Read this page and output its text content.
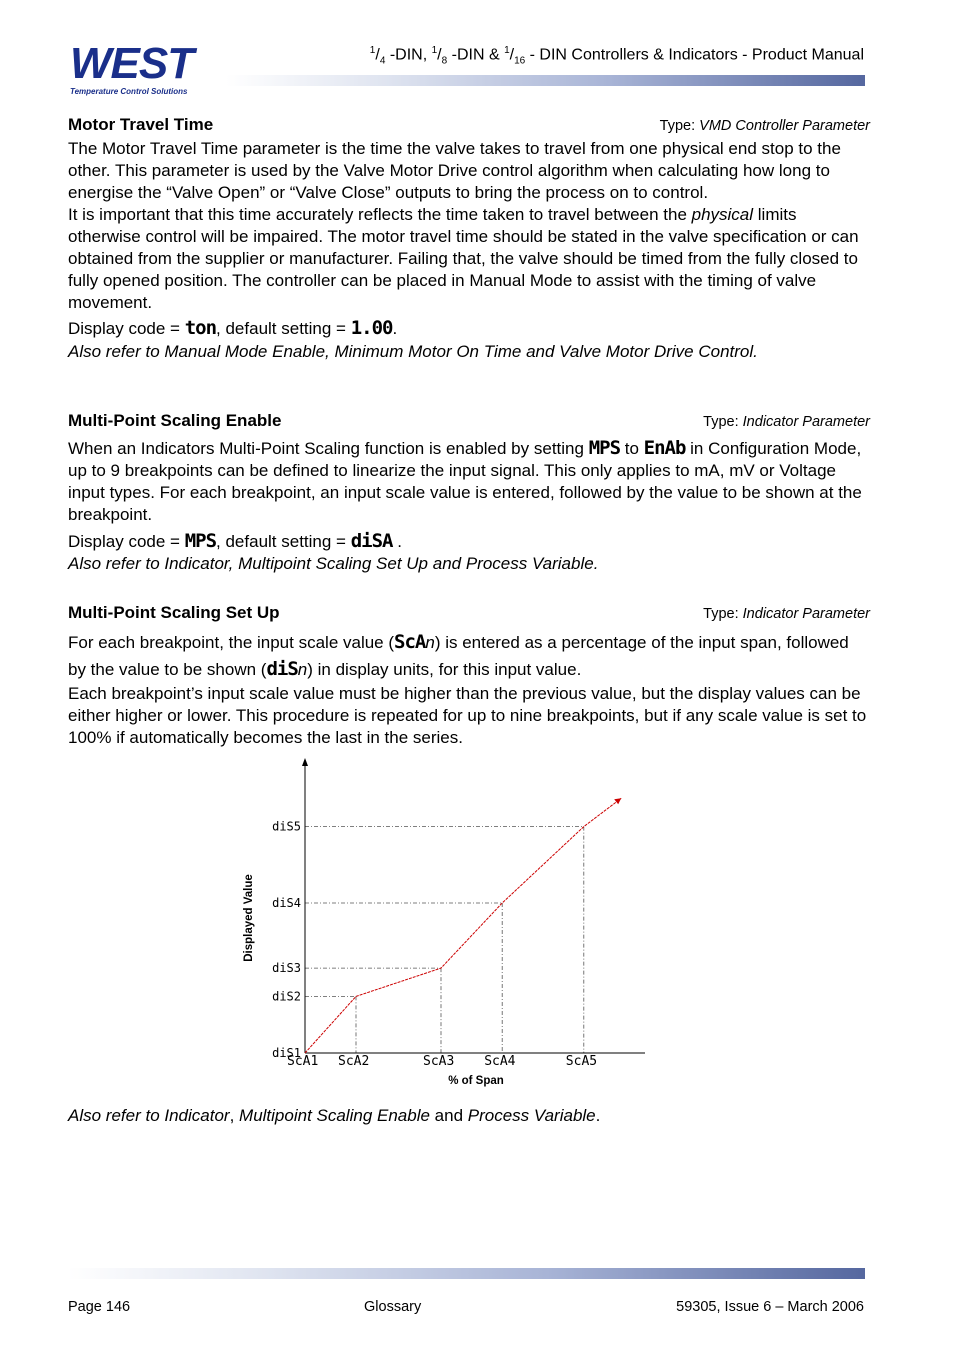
WEST
Temperature Control Solutions
$^1/_4$ -DIN, $^1/_8$ -DIN & $^1/_{16}$ - DIN Controllers & Indicators - Product Manual
Motor Travel Time	Type: VMD Controller Parameter
The Motor Travel Time parameter is the time the valve takes to travel from one physical end stop to the other. This parameter is used by the Valve Motor Drive control algorithm when calculating how long to energise the “Valve Open” or “Valve Close” outputs to bring the process on to control.
It is important that this time accurately reflects the time taken to travel between the physical limits otherwise control will be impaired. The motor travel time should be stated in the valve specification or can obtained from the supplier or manufacturer. Failing that, the valve should be timed from the fully closed to fully opened position. The controller can be placed in Manual Mode to assist with the timing of valve movement.
Display code = ton, default setting = 1.00.
Also refer to Manual Mode Enable, Minimum Motor On Time and Valve Motor Drive Control.
Multi-Point Scaling Enable	Type: Indicator Parameter
When an Indicators Multi-Point Scaling function is enabled by setting MPS to EnAb in Configuration Mode, up to 9 breakpoints can be defined to linearize the input signal. This only applies to mA, mV or Voltage input types. For each breakpoint, an input scale value is entered, followed by the value to be shown at the breakpoint.
Display code = MPS, default setting = diSA .
Also refer to Indicator, Multipoint Scaling Set Up and Process Variable.
Multi-Point Scaling Set Up	Type: Indicator Parameter
For each breakpoint, the input scale value (ScAn) is entered as a percentage of the input span, followed by the value to be shown (diSn) in display units, for this input value.
Each breakpoint’s input scale value must be higher than the previous value, but the display values can be either higher or lower. This procedure is repeated for up to nine breakpoints, but if any scale value is set to 100% if automatically becomes the last in the series.
ScA1 ScA2	ScA3 ScA4	ScA5
diS1
diS2
diS3
diS4
diS5
% of Span
Displayed Value
Also refer to Indicator, Multipoint Scaling Enable and Process Variable.
Page 146	Glossary	59305, Issue 6 – March 2006
